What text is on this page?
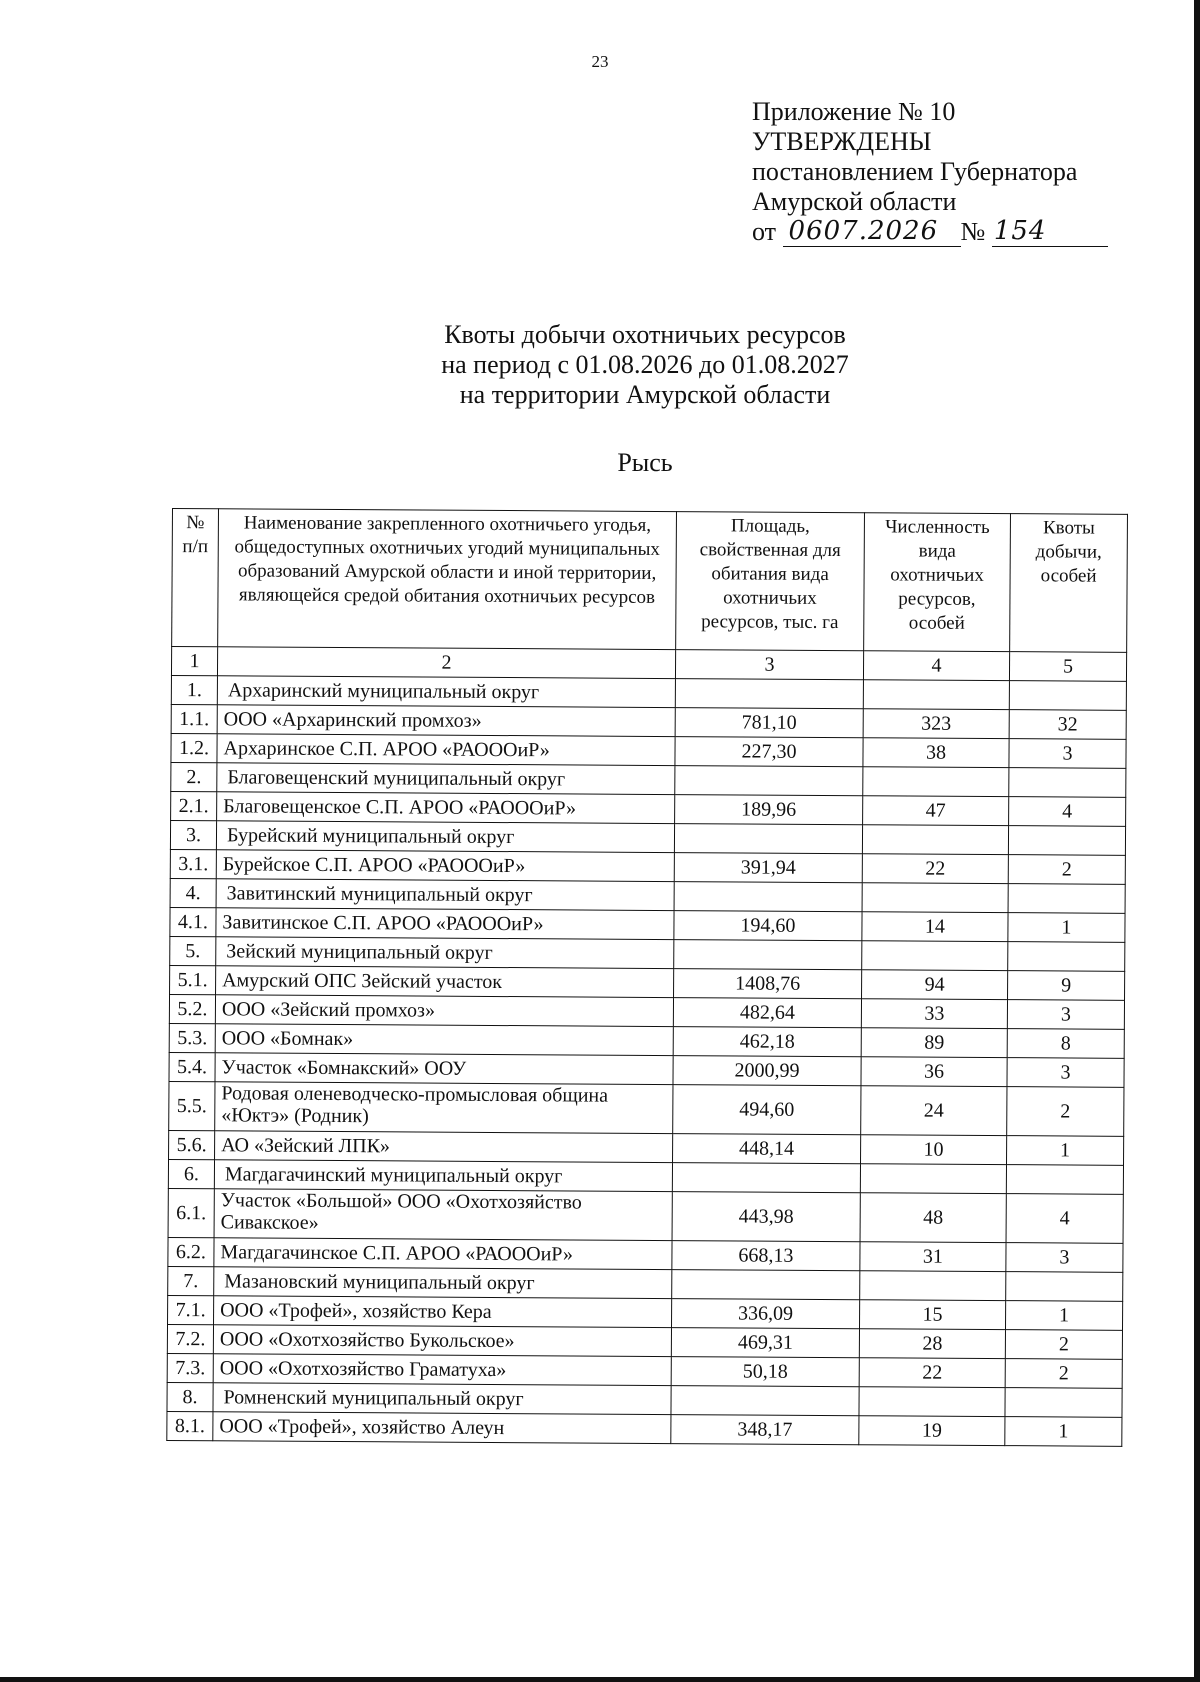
23
Приложение № 10
УТВЕРЖДЕНЫ
постановлением Губернатора
Амурской области
от 0607.2026 № 154
Квоты добычи охотничьих ресурсов
на период с 01.08.2026 до 01.08.2027
на территории Амурской области
Рысь
№ п/п	Наименование закрепленного охотничьего угодья, общедоступных охотничьих угодий муниципальных образований Амурской области и иной территории, являющейся средой обитания охотничьих ресурсов	Площадь, свойственная для обитания вида охотничьих ресурсов, тыс. га	Численность вида охотничьих ресурсов, особей	Квоты добычи, особей
1	2	3	4	5
1.	Архаринский муниципальный округ			
1.1.	ООО «Архаринский промхоз»	781,10	323	32
1.2.	Архаринское С.П. АРОО «РАОООиР»	227,30	38	3
2.	Благовещенский муниципальный округ			
2.1.	Благовещенское С.П. АРОО «РАОООиР»	189,96	47	4
3.	Бурейский муниципальный округ			
3.1.	Бурейское С.П. АРОО «РАОООиР»	391,94	22	2
4.	Завитинский муниципальный округ			
4.1.	Завитинское С.П. АРОО «РАОООиР»	194,60	14	1
5.	Зейский муниципальный округ			
5.1.	Амурский ОПС Зейский участок	1408,76	94	9
5.2.	ООО «Зейский промхоз»	482,64	33	3
5.3.	ООО «Бомнак»	462,18	89	8
5.4.	Участок «Бомнакский» ООУ	2000,99	36	3
5.5.	Родовая оленеводческо-промысловая община «Юктэ» (Родник)	494,60	24	2
5.6.	АО «Зейский ЛПК»	448,14	10	1
6.	Магдагачинский муниципальный округ			
6.1.	Участок «Большой» ООО «Охотхозяйство Сивакское»	443,98	48	4
6.2.	Магдагачинское С.П. АРОО «РАОООиР»	668,13	31	3
7.	Мазановский муниципальный округ			
7.1.	ООО «Трофей», хозяйство Кера	336,09	15	1
7.2.	ООО «Охотхозяйство Букольское»	469,31	28	2
7.3.	ООО «Охотхозяйство Граматуха»	50,18	22	2
8.	Ромненский муниципальный округ			
8.1.	ООО «Трофей», хозяйство Алеун	348,17	19	1
